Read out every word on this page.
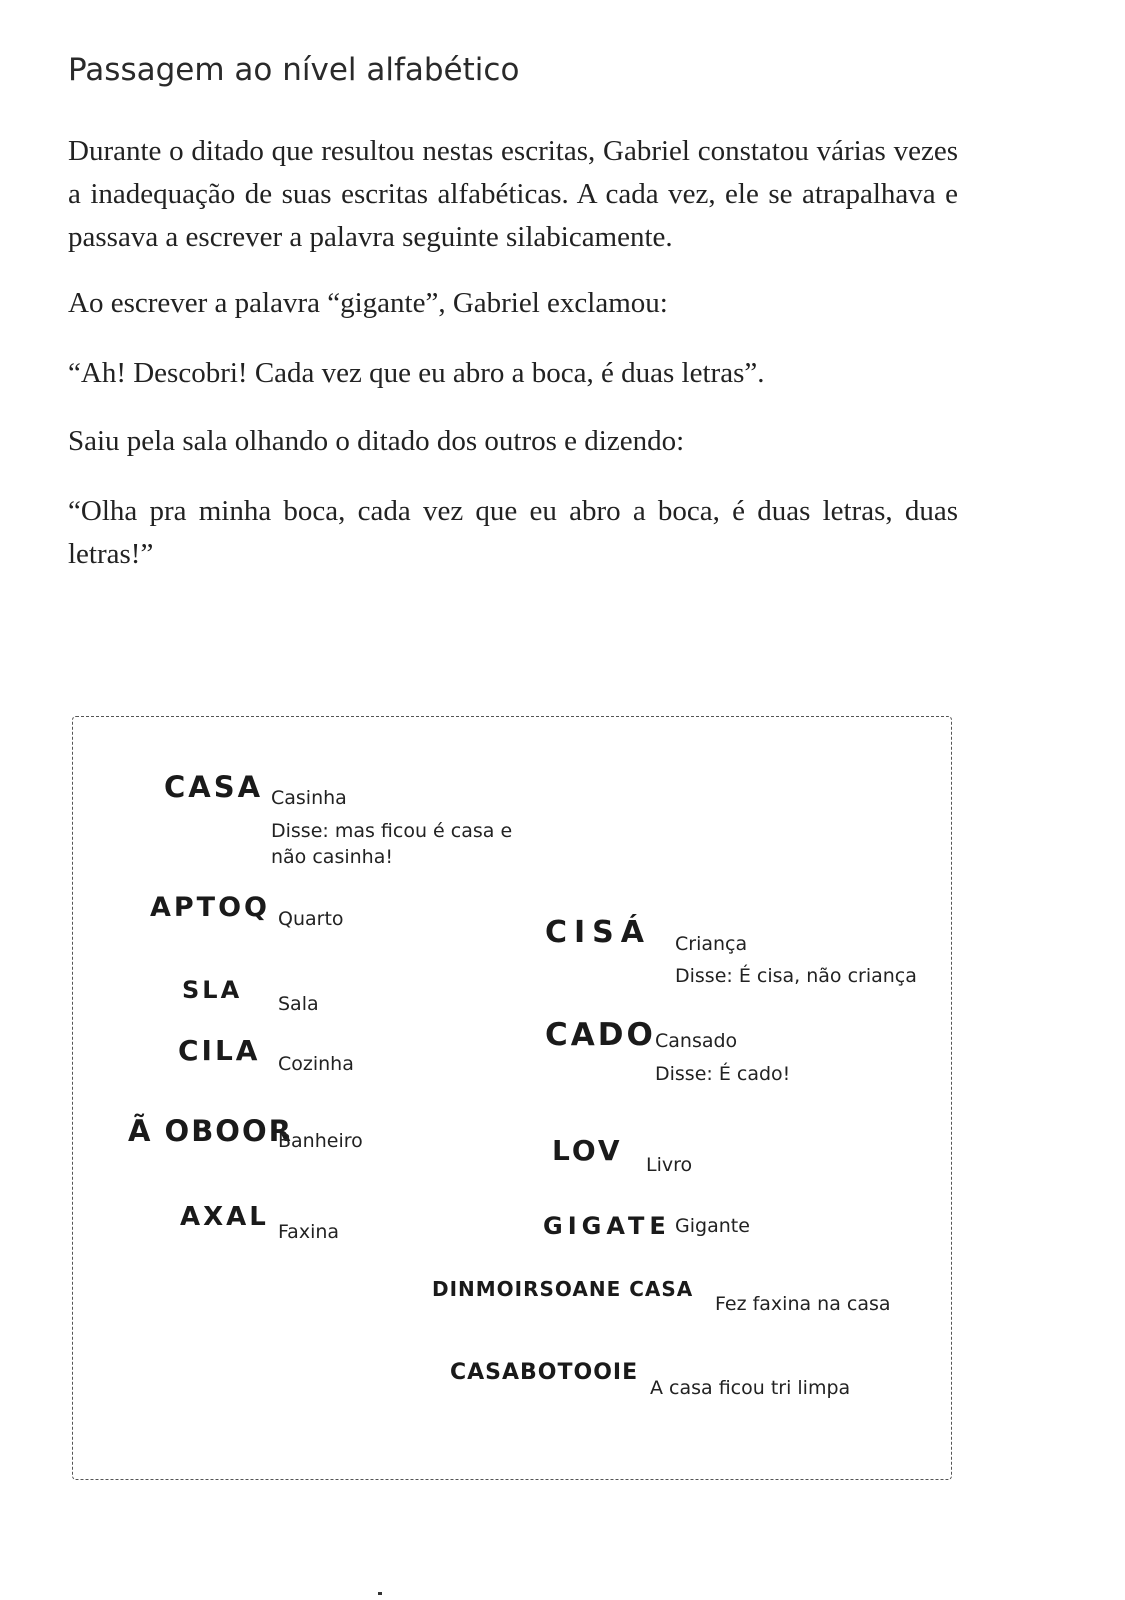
Passagem ao nível alfabético

Durante o ditado que resultou nestas escritas, Gabriel constatou várias vezes a inadequação de suas escritas alfabéticas. A cada vez, ele se atrapalhava e passava a escrever a palavra seguinte silabicamente.

Ao escrever a palavra “gigante”, Gabriel exclamou:

“Ah! Descobri! Cada vez que eu abro a boca, é duas letras”.

Saiu pela sala olhando o ditado dos outros e dizendo:

“Olha pra minha boca, cada vez que eu abro a boca, é duas letras, duas letras!”

CASA Casinha
Disse: mas ficou é casa e
não casinha!
APTOQ Quarto
SLA Sala
CILA Cozinha
Ã OBOOR
Banheiro
AXAL Faxina
CISÁ Criança
Disse: É cisa, não criança
CADO Cansado
Disse: É cado!
LOV Livro
GIGATE Gigante
DINMOIRSOANE CASA
Fez faxina na casa
CASABOTOOIE
A casa ficou tri limpa
